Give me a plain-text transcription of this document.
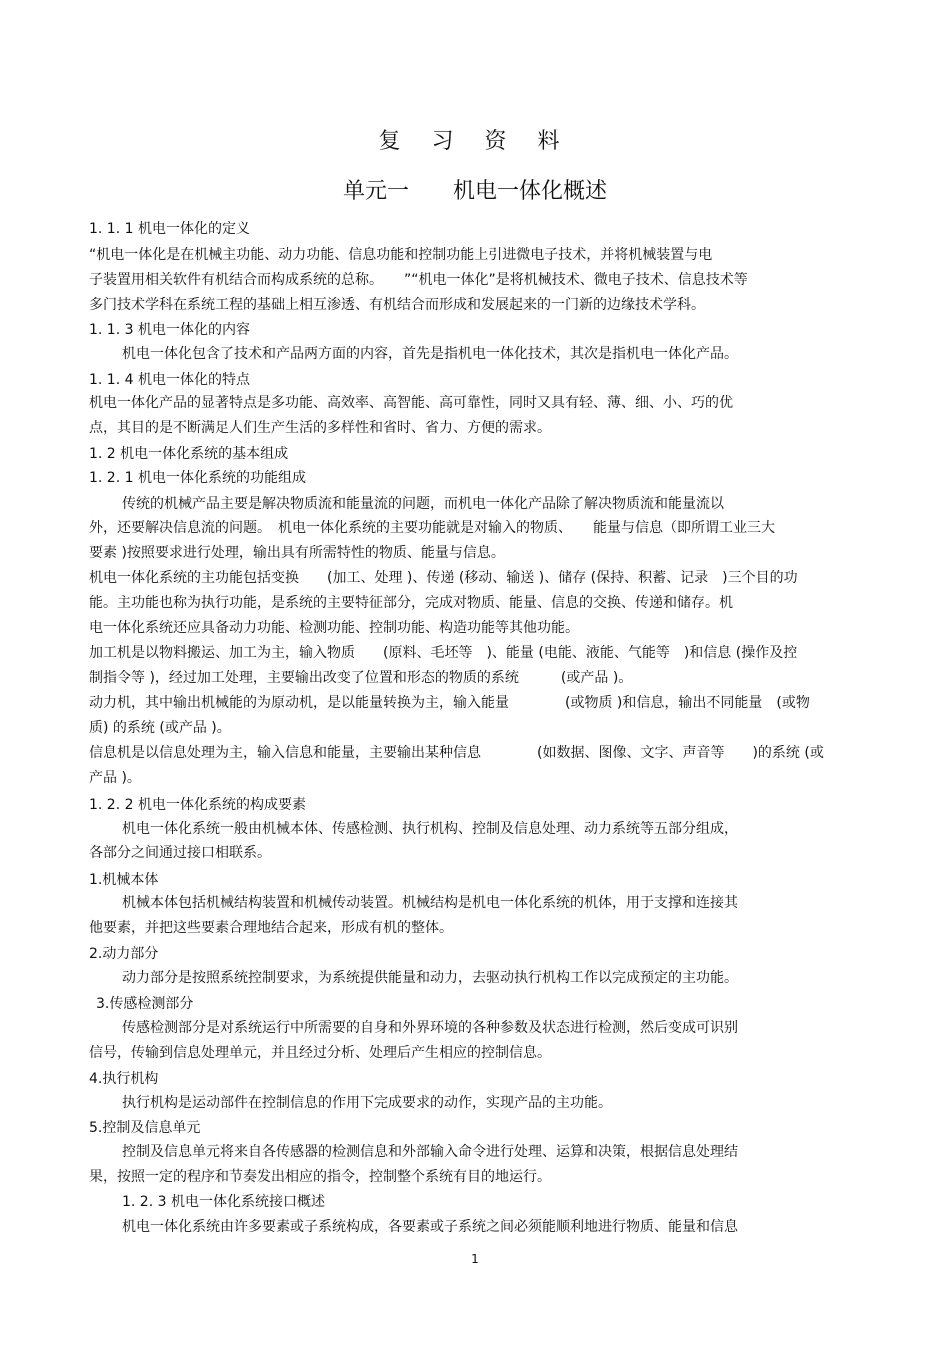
复 习 资 料
单元一　　机电一体化概述
1. 1. 1 机电一体化的定义
“机电一体化是在机械主功能、动力功能、信息功能和控制功能上引进微电子技术，并将机械装置与电
子装置用相关软件有机结合而构成系统的总称。　　”“机电一体化”是将机械技术、微电子技术、信息技术等
多门技术学科在系统工程的基础上相互渗透、有机结合而形成和发展起来的一门新的边缘技术学科。
1. 1. 3 机电一体化的内容
机电一体化包含了技术和产品两方面的内容，首先是指机电一体化技术，其次是指机电一体化产品。
1. 1. 4 机电一体化的特点
机电一体化产品的显著特点是多功能、高效率、高智能、高可靠性，同时又具有轻、薄、细、小、巧的优
点，其目的是不断满足人们生产生活的多样性和省时、省力、方便的需求。
1. 2 机电一体化系统的基本组成
1. 2. 1 机电一体化系统的功能组成
传统的机械产品主要是解决物质流和能量流的问题，而机电一体化产品除了解决物质流和能量流以
外，还要解决信息流的问题。　机电一体化系统的主要功能就是对输入的物质、　　能量与信息（即所谓工业三大
要素 )按照要求进行处理，输出具有所需特性的物质、能量与信息。
机电一体化系统的主功能包括变换　　(加工、处理 )、传递 (移动、输送 )、储存 (保持、积蓄、记录　)三个目的功
能。主功能也称为执行功能，是系统的主要特征部分，完成对物质、能量、信息的交换、传递和储存。机
电一体化系统还应具备动力功能、检测功能、控制功能、构造功能等其他功能。
加工机是以物料搬运、加工为主，输入物质　　(原料、毛坯等　)、能量 (电能、液能、气能等　)和信息 (操作及控
制指令等 )，经过加工处理，主要输出改变了位置和形态的物质的系统　　　(或产品 )。
动力机，其中输出机械能的为原动机，是以能量转换为主，输入能量　　　　(或物质 )和信息，输出不同能量　(或物
质) 的系统 (或产品 )。
信息机是以信息处理为主，输入信息和能量，主要输出某种信息　　　　(如数据、图像、文字、声音等　　)的系统 (或
产品 )。
1. 2. 2 机电一体化系统的构成要素
机电一体化系统一般由机械本体、传感检测、执行机构、控制及信息处理、动力系统等五部分组成，
各部分之间通过接口相联系。
1.机械本体
机械本体包括机械结构装置和机械传动装置。机械结构是机电一体化系统的机体，用于支撑和连接其
他要素，并把这些要素合理地结合起来，形成有机的整体。
2.动力部分
动力部分是按照系统控制要求，为系统提供能量和动力，去驱动执行机构工作以完成预定的主功能。
3.传感检测部分
传感检测部分是对系统运行中所需要的自身和外界环境的各种参数及状态进行检测，然后变成可识别
信号，传输到信息处理单元，并且经过分析、处理后产生相应的控制信息。
4.执行机构
执行机构是运动部件在控制信息的作用下完成要求的动作，实现产品的主功能。
5.控制及信息单元
控制及信息单元将来自各传感器的检测信息和外部输入命令进行处理、运算和决策，根据信息处理结
果，按照一定的程序和节奏发出相应的指令，控制整个系统有目的地运行。
1. 2. 3 机电一体化系统接口概述
机电一体化系统由许多要素或子系统构成，各要素或子系统之间必须能顺利地进行物质、能量和信息
1
